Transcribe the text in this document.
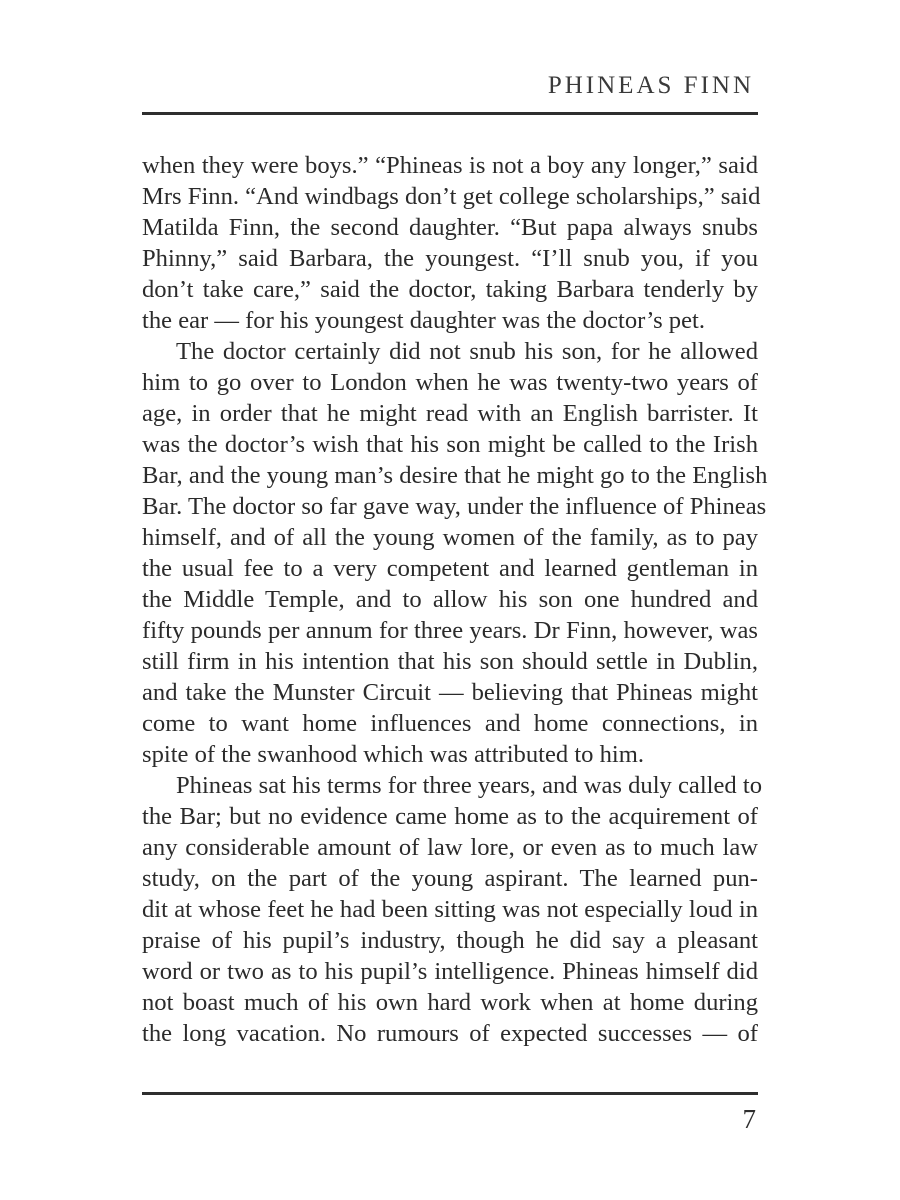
PHINEAS FINN
when they were boys.” “Phineas is not a boy any longer,” said
Mrs Finn. “And windbags don’t get college scholarships,” said
Matilda Finn, the second daughter. “But papa always snubs
Phinny,” said Barbara, the youngest. “I’ll snub you, if you
don’t take care,” said the doctor, taking Barbara tenderly by
the ear — for his youngest daughter was the doctor’s pet.
The doctor certainly did not snub his son, for he allowed
him to go over to London when he was twenty-two years of
age, in order that he might read with an English barrister. It
was the doctor’s wish that his son might be called to the Irish
Bar, and the young man’s desire that he might go to the English
Bar. The doctor so far gave way, under the influence of Phineas
himself, and of all the young women of the family, as to pay
the usual fee to a very competent and learned gentleman in
the Middle Temple, and to allow his son one hundred and
fifty pounds per annum for three years. Dr Finn, however, was
still firm in his intention that his son should settle in Dublin,
and take the Munster Circuit — believing that Phineas might
come to want home influences and home connections, in
spite of the swanhood which was attributed to him.
Phineas sat his terms for three years, and was duly called to
the Bar; but no evidence came home as to the acquirement of
any considerable amount of law lore, or even as to much law
study, on the part of the young aspirant. The learned pun-
dit at whose feet he had been sitting was not especially loud in
praise of his pupil’s industry, though he did say a pleasant
word or two as to his pupil’s intelligence. Phineas himself did
not boast much of his own hard work when at home during
the long vacation. No rumours of expected successes — of
7
